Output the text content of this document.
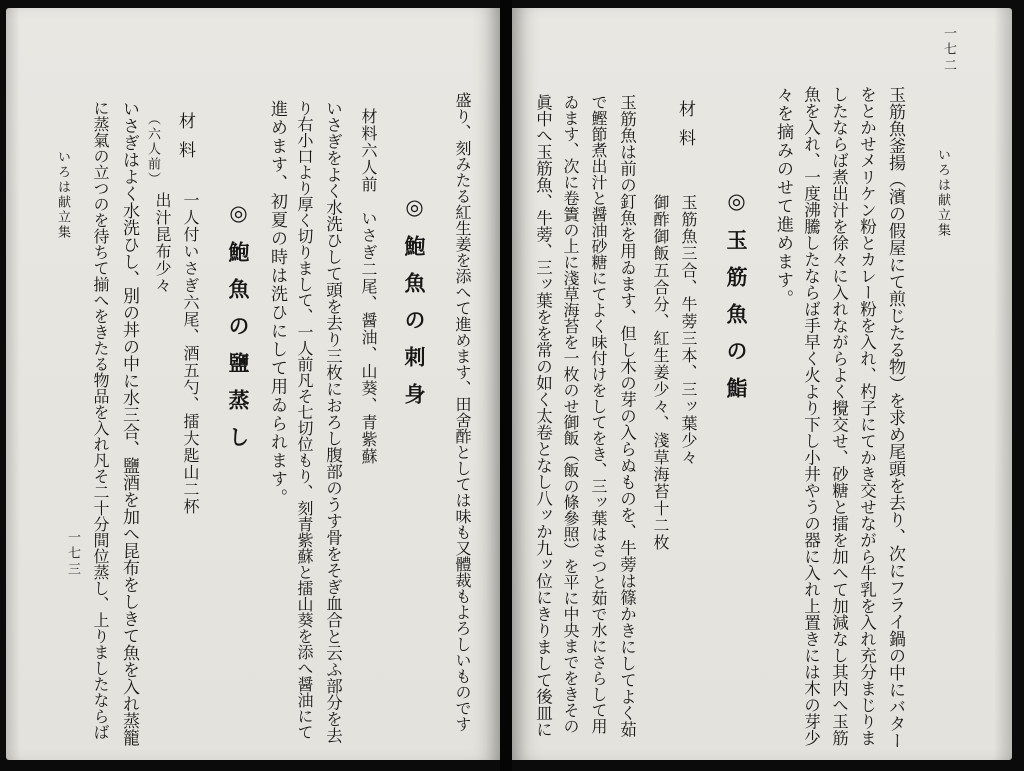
いろは献立集 に蒸氣の立つのを待ちて揃へをきたる物品を入れ凡そ二十分間位蒸し、上りましたならば いさぎはよく水洗ひし、別の丼の中に水三合、鹽酒を加へ昆布をしきて魚を入れ蒸籠 出汁昆布少々 一人付いさぎ六尾、酒五勺、擂大匙山二杯
（六人前） 材料
◎鮑魚の鹽蒸し 進めます、初夏の時は洗ひにして用ゐられます。 り右小口より厚く切りまして、一人前凡そ七切位もり、刻青紫蘇と擂山葵を添へ醤油にて いさぎをよく水洗ひして頭を去り三枚におろし腹部のうす骨をそぎ血合と云ふ部分を去 材料六人前　いさぎ二尾、醤油、山葵、青紫蘇 ◎鮑魚の刺身 盛り、刻みたる紅生姜を添へて進めます、田舍酢としては味も又體裁もよろしいものです
一七三	眞中へ玉筋魚、牛蒡、三ッ葉をを常の如く太卷となし八ッか九ッ位にきりまして後皿に ゐます、次に卷簀の上に淺草海苔を一枚のせ御飯（飯の條參照）を平に中央までをきその で鰹節煮出汁と醤油砂糖にてよく味付けをしてをき、三ッ葉はさつと茹で水にさらして用 玉筋魚は前の釘魚を用ゐます、但し木の芽の入らぬものを、牛蒡は篠かきにしてよく茹 御酢御飯五合分、紅生姜少々、淺草海苔十二枚 玉筋魚三合、牛蒡三本、三ッ葉少々
材料
◎玉筋魚の鮨 々を摘みのせて進めます。 魚を入れ、一度沸騰したならば手早く火より下し小井やうの器に入れ上置きには木の芽少 したならば煮出汁を徐々に入れながらよく攪交せ、砂糖と擂を加へて加減なし其内へ玉筋 をとかせメリケン粉とカレー粉を入れ、杓子にてかき交せながら牛乳を入れ充分まじりま 玉筋魚釜揚（濱の假屋にて煎じたる物）を求め尾頭を去り、次にフライ鍋の中にバター いろは献立集
一七二
